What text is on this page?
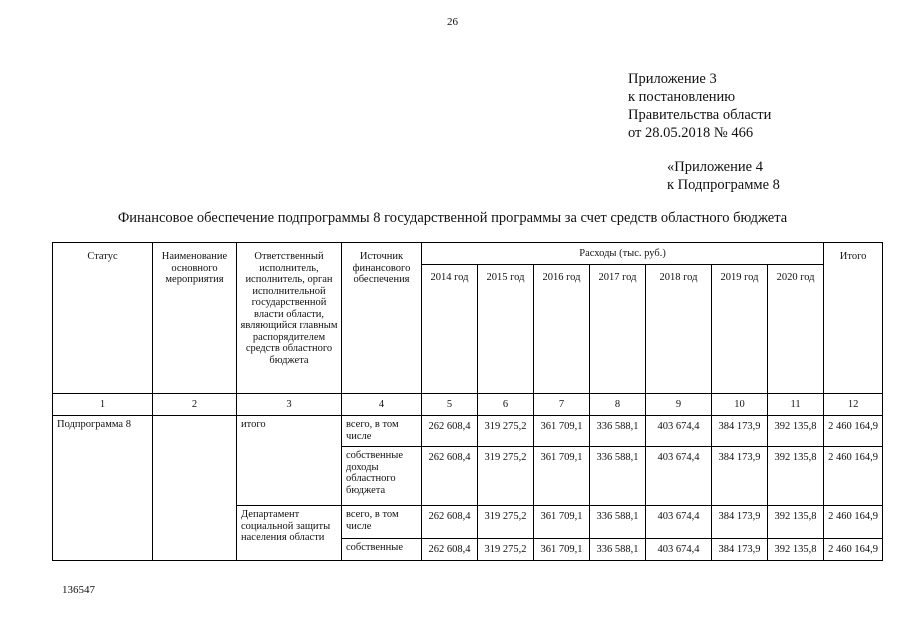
26
Приложение 3
к постановлению
Правительства области
от 28.05.2018 № 466
«Приложение 4
к Подпрограмме 8
Финансовое обеспечение подпрограммы 8 государственной программы за счет средств областного бюджета
Статус	Наименование основного мероприятия	Ответственный исполнитель, исполнитель, орган исполнительной государственной власти области, являющийся главным распорядителем средств областного бюджета	Источник финансового обеспечения	Расходы (тыс. руб.)							Итого
				2014 год	2015 год	2016 год	2017 год	2018 год	2019 год	2020 год	
1	2	3	4	5	6	7	8	9	10	11	12
Подпрограмма 8		итого	всего, в том числе	262 608,4	319 275,2	361 709,1	336 588,1	403 674,4	384 173,9	392 135,8	2 460 164,9
			собственные доходы областного бюджета	262 608,4	319 275,2	361 709,1	336 588,1	403 674,4	384 173,9	392 135,8	2 460 164,9
		Департамент социальной защиты населения области	всего, в том числе	262 608,4	319 275,2	361 709,1	336 588,1	403 674,4	384 173,9	392 135,8	2 460 164,9
			собственные	262 608,4	319 275,2	361 709,1	336 588,1	403 674,4	384 173,9	392 135,8	2 460 164,9
136547
